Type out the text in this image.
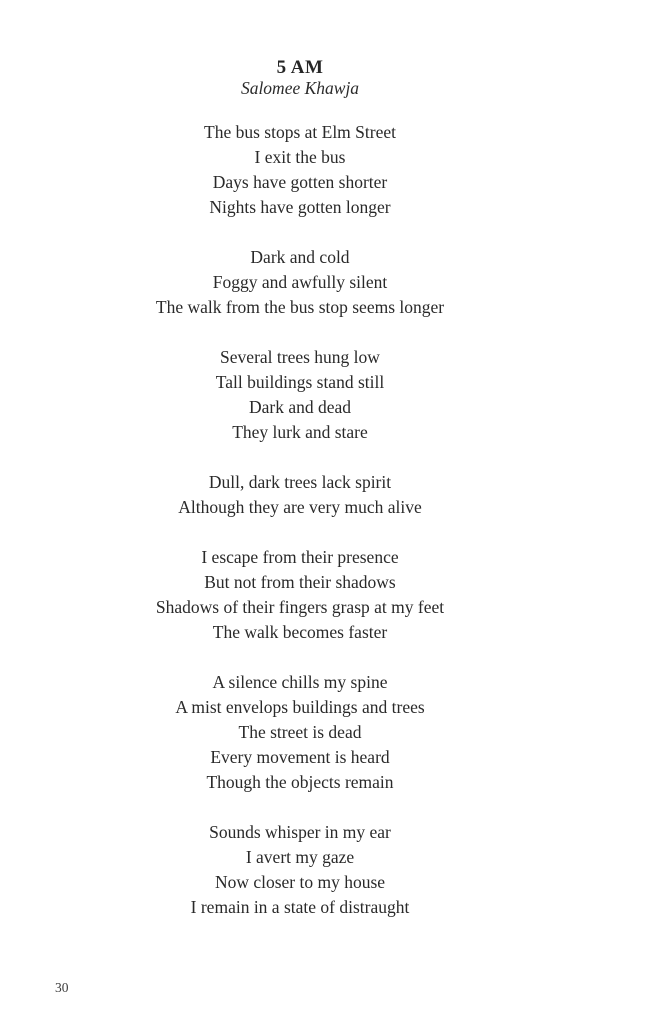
5 AM
Salomee Khawja
The bus stops at Elm Street
I exit the bus
Days have gotten shorter
Nights have gotten longer
Dark and cold
Foggy and awfully silent
The walk from the bus stop seems longer
Several trees hung low
Tall buildings stand still
Dark and dead
They lurk and stare
Dull, dark trees lack spirit
Although they are very much alive
I escape from their presence
But not from their shadows
Shadows of their fingers grasp at my feet
The walk becomes faster
A silence chills my spine
A mist envelops buildings and trees
The street is dead
Every movement is heard
Though the objects remain
Sounds whisper in my ear
I avert my gaze
Now closer to my house
I remain in a state of distraught
30
